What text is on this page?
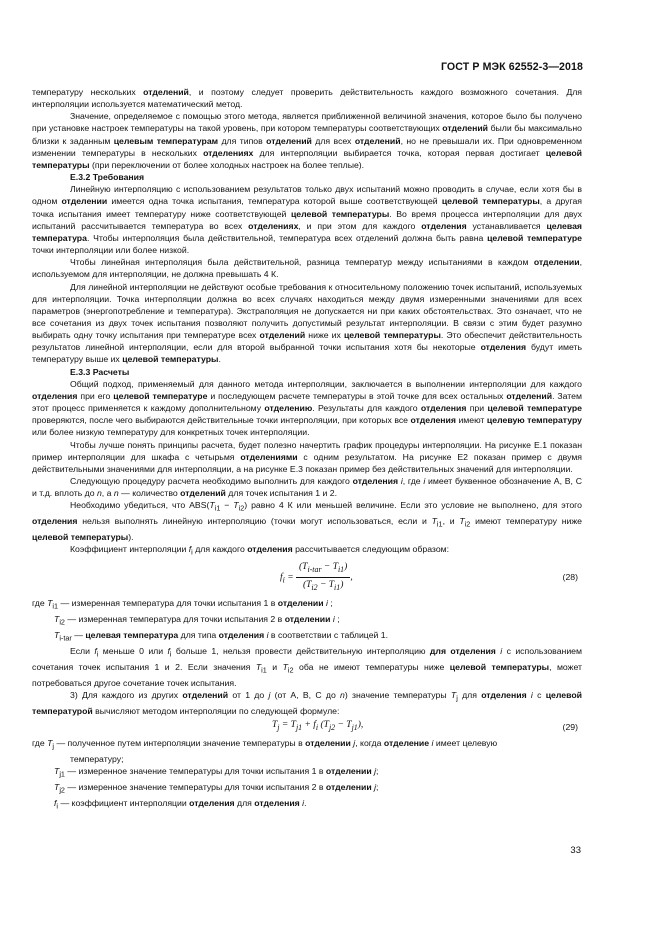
ГОСТ Р МЭК 62552-3—2018

температуру нескольких отделений, и поэтому следует проверить действительность каждого возможного сочетания. Для интерполяции используется математический метод.

Значение, определяемое с помощью этого метода, является приближенной величиной значения, которое было бы получено при установке настроек температуры на такой уровень, при котором температуры соответствующих отделений были бы максимально близки к заданным целевым температурам для типов отделений для всех отделений, но не превышали их. При одновременном изменении температуры в нескольких отделениях для интерполяции выбирается точка, которая первая достигает целевой температуры (при переключении от более холодных настроек на более теплые).

Е.3.2 Требования

Линейную интерполяцию с использованием результатов только двух испытаний можно проводить в случае, если хотя бы в одном отделении имеется одна точка испытания, температура которой выше соответствующей целевой температуры, а другая точка испытания имеет температуру ниже соответствующей целевой температуры. Во время процесса интерполяции для двух испытаний рассчитывается температура во всех отделениях, и при этом для каждого отделения устанавливается целевая температура. Чтобы интерполяция была действительной, температура всех отделений должна быть равна целевой температуре точки интерполяции или более низкой.

Чтобы линейная интерполяция была действительной, разница температур между испытаниями в каждом отделении, используемом для интерполяции, не должна превышать 4 К.

Для линейной интерполяции не действуют особые требования к относительному положению точек испытаний, используемых для интерполяции. Точка интерполяции должна во всех случаях находиться между двумя измеренными значениями для всех параметров (энергопотребление и температура). Экстраполяция не допускается ни при каких обстоятельствах. Это означает, что не все сочетания из двух точек испытания позволяют получить допустимый результат интерполяции. В связи с этим будет разумно выбирать одну точку испытания при температуре всех отделений ниже их целевой температуры. Это обеспечит действительность результатов линейной интерполяции, если для второй выбранной точки испытания хотя бы некоторые отделения будут иметь температуру выше их целевой температуры.

Е.3.3 Расчеты

Общий подход, применяемый для данного метода интерполяции, заключается в выполнении интерполяции для каждого отделения при его целевой температуре и последующем расчете температуры в этой точке для всех остальных отделений. Затем этот процесс применяется к каждому дополнительному отделению. Результаты для каждого отделения при целевой температуре проверяются, после чего выбираются действительные точки интерполяции, при которых все отделения имеют целевую температуру или более низкую температуру для конкретных точек интерполяции.

Чтобы лучше понять принципы расчета, будет полезно начертить график процедуры интерполяции. На рисунке Е.1 показан пример интерполяции для шкафа с четырьмя отделениями с одним результатом. На рисунке Е2 показан пример с двумя действительными значениями для интерполяции, а на рисунке Е.3 показан пример без действительных значений для интерполяции.

Следующую процедуру расчета необходимо выполнить для каждого отделения i, где i имеет буквенное обозначение А, В, С и т.д. вплоть до n, а n — количество отделений для точек испытания 1 и 2.

Необходимо убедиться, что $ABS(T_{i1} - T_{i2})$ равно 4 К или меньшей величине. Если это условие не выполнено, для этого отделения нельзя выполнять линейную интерполяцию (точки могут использоваться, если и $T_{i1}$, и $T_{i2}$ имеют температуру ниже целевой температуры).

Коэффициент интерполяции $f_i$ для каждого отделения рассчитывается следующим образом:

$f_i = \frac{(T_{i-tar} - T_{i1})}{(T_{i2} - T_{i1})}$ ,	(28)

где $T_{i1}$ — измеренная температура для точки испытания 1 в отделении i ;

$T_{i2}$ — измеренная температура для точки испытания 2 в отделении i ;

$T_{i-tar}$ — целевая температура для типа отделения i в соответствии с таблицей 1.

Если $f_i$ меньше 0 или $f_i$ больше 1, нельзя провести действительную интерполяцию для отделения i с использованием сочетания точек испытания 1 и 2. Если значения $T_{i1}$ и $T_{i2}$ оба не имеют температуры ниже целевой температуры, может потребоваться другое сочетание точек испытания.

3) Для каждого из других отделений от 1 до j (от А, В, С до n) значение температуры $T_j$ для отделения i с целевой температурой вычисляют методом интерполяции по следующей формуле:

$T_j = T_{j1} + f_i$ $(T_{j2} - T_{j1})$,	(29)

где $T_j$ — полученное путем интерполяции значение температуры в отделении j, когда отделение i имеет целевую

температуру;

$T_{j1}$ — измеренное значение температуры для точки испытания 1 в отделении j;

$T_{j2}$ — измеренное значение температуры для точки испытания 2 в отделении j;

$f_i$ — коэффициент интерполяции отделения для отделения i.

33
